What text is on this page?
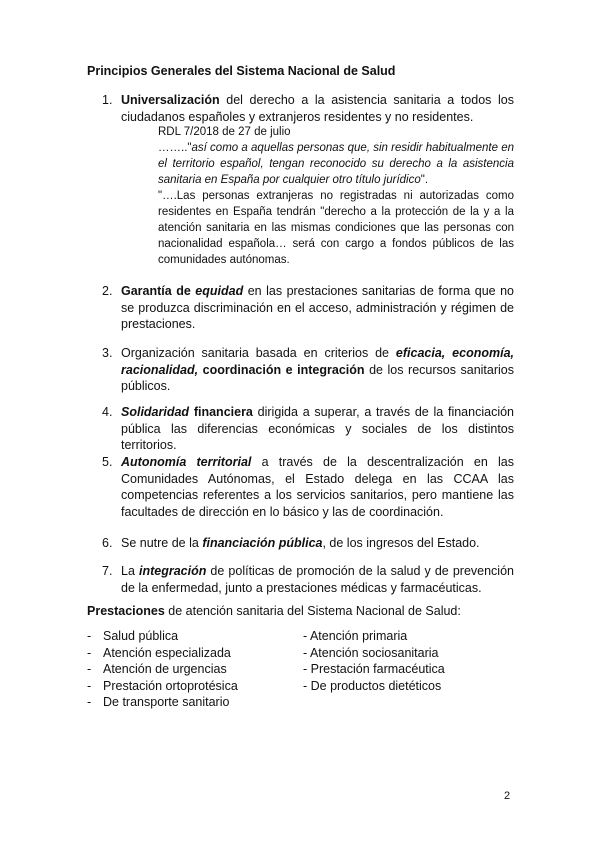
Principios Generales del Sistema Nacional de Salud
1. Universalización del derecho a la asistencia sanitaria a todos los ciudadanos españoles y extranjeros residentes y no residentes.
RDL 7/2018 de 27 de julio
…….."así como a aquellas personas que, sin residir habitualmente en el territorio español, tengan reconocido su derecho a la asistencia sanitaria en España por cualquier otro título jurídico".
"….Las personas extranjeras no registradas ni autorizadas como residentes en España tendrán "derecho a la protección de la y a la atención sanitaria en las mismas condiciones que las personas con nacionalidad española… será con cargo a fondos públicos de las comunidades autónomas.
2. Garantía de equidad en las prestaciones sanitarias de forma que no se produzca discriminación en el acceso, administración y régimen de prestaciones.
3. Organización sanitaria basada en criterios de eficacia, economía, racionalidad, coordinación e integración de los recursos sanitarios públicos.
4. Solidaridad financiera dirigida a superar, a través de la financiación pública las diferencias económicas y sociales de los distintos territorios.
5. Autonomía territorial a través de la descentralización en las Comunidades Autónomas, el Estado delega en las CCAA las competencias referentes a los servicios sanitarios, pero mantiene las facultades de dirección en lo básico y las de coordinación.
6. Se nutre de la financiación pública, de los ingresos del Estado.
7. La integración de políticas de promoción de la salud y de prevención de la enfermedad, junto a prestaciones médicas y farmacéuticas.
Prestaciones de atención sanitaria del Sistema Nacional de Salud:
- Salud pública
- Atención especializada
- Atención de urgencias
- Prestación ortoprotésica
- De transporte sanitario
- Atención primaria
- Atención sociosanitaria
- Prestación farmacéutica
- De productos dietéticos
2
